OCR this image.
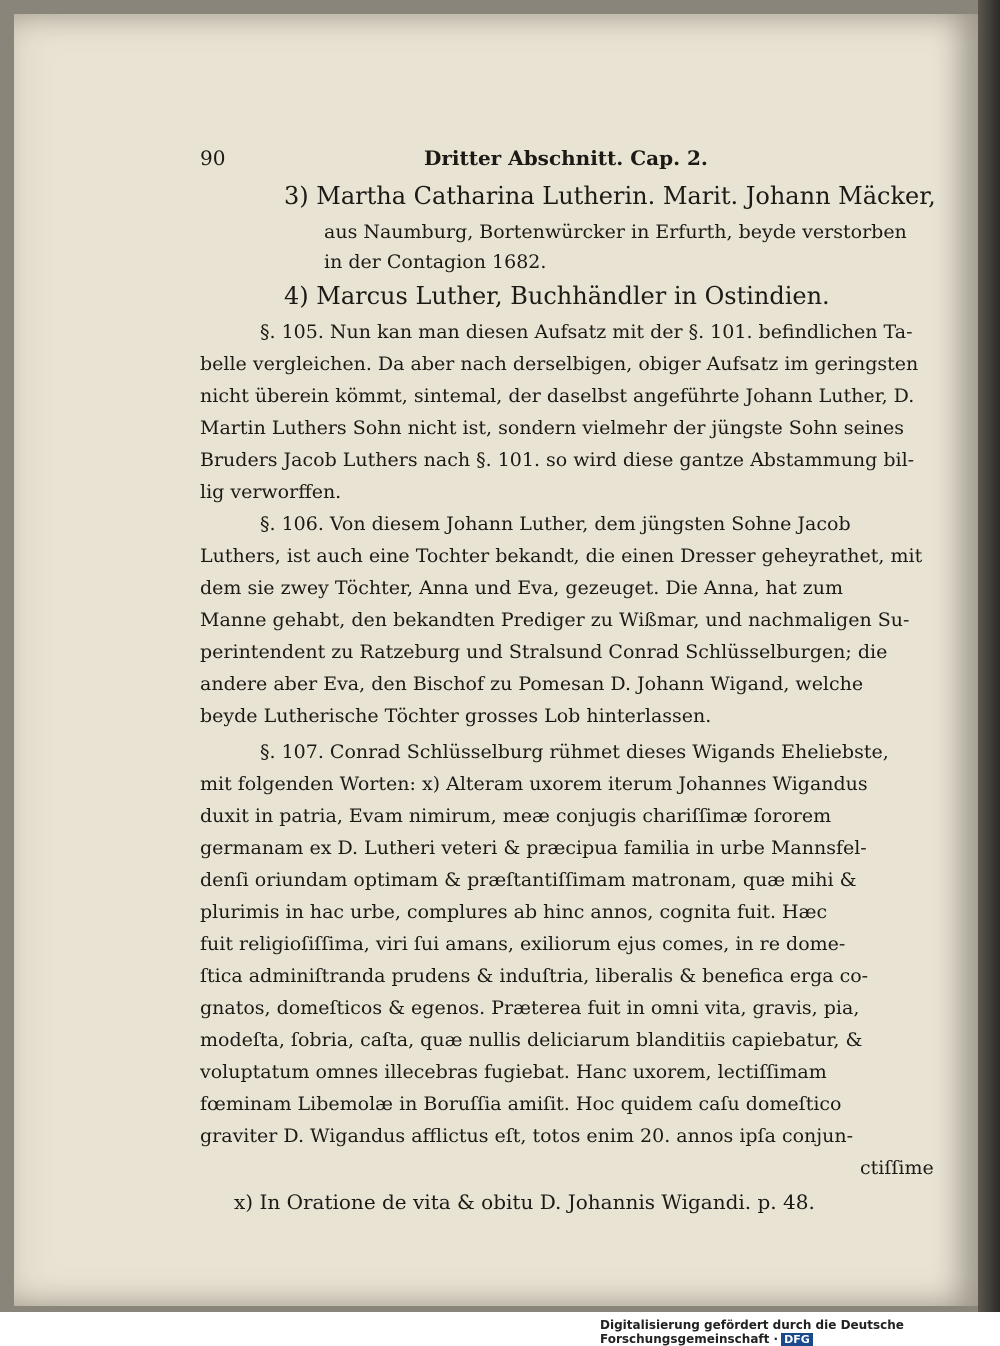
90	Dritter Abschnitt. Cap. 2.
3) Martha Catharina Lutherin. Marit. Johann Mäcker,
aus Naumburg, Bortenwürcker in Erfurth, beyde verstorben
in der Contagion 1682.
4) Marcus Luther, Buchhändler in Ostindien.
§. 105. Nun kan man diesen Aufsatz mit der §. 101. befindlichen Ta-
belle vergleichen. Da aber nach derselbigen, obiger Aufsatz im geringsten
nicht überein kömmt, sintemal, der daselbst angeführte Johann Luther, D.
Martin Luthers Sohn nicht ist, sondern vielmehr der jüngste Sohn seines
Bruders Jacob Luthers nach §. 101. so wird diese gantze Abstammung bil-
lig verworffen.
§. 106. Von diesem Johann Luther, dem jüngsten Sohne Jacob
Luthers, ist auch eine Tochter bekandt, die einen Dresser geheyrathet, mit
dem sie zwey Töchter, Anna und Eva, gezeuget. Die Anna, hat zum
Manne gehabt, den bekandten Prediger zu Wißmar, und nachmaligen Su-
perintendent zu Ratzeburg und Stralsund Conrad Schlüsselburgen; die
andere aber Eva, den Bischof zu Pomesan D. Johann Wigand, welche
beyde Lutherische Töchter grosses Lob hinterlassen.
§. 107. Conrad Schlüsselburg rühmet dieses Wigands Eheliebste,
mit folgenden Worten: x) Alteram uxorem iterum Johannes Wigandus
duxit in patria, Evam nimirum, meæ conjugis chariſſimæ ſororem
germanam ex D. Lutheri veteri & præcipua familia in urbe Mannsfel-
denſi oriundam optimam & præſtantiſſimam matronam, quæ mihi &
plurimis in hac urbe, complures ab hinc annos, cognita fuit. Hæc
fuit religioſiſſima, viri ſui amans, exiliorum ejus comes, in re dome-
ſtica adminiſtranda prudens & induſtria, liberalis & benefica erga co-
gnatos, domeſticos & egenos. Præterea fuit in omni vita, gravis, pia,
modeſta, ſobria, caſta, quæ nullis deliciarum blanditiis capiebatur, &
voluptatum omnes illecebras fugiebat. Hanc uxorem, lectiſſimam
fœminam Libemolæ in Boruſſia amiſit. Hoc quidem caſu domeſtico
graviter D. Wigandus afflictus eſt, totos enim 20. annos ipſa conjun-
ctiſſime
x) In Oratione de vita & obitu D. Johannis Wigandi. p. 48.
Digitalisierung gefördert durch die Deutsche Forschungsgemeinschaft · DFG
